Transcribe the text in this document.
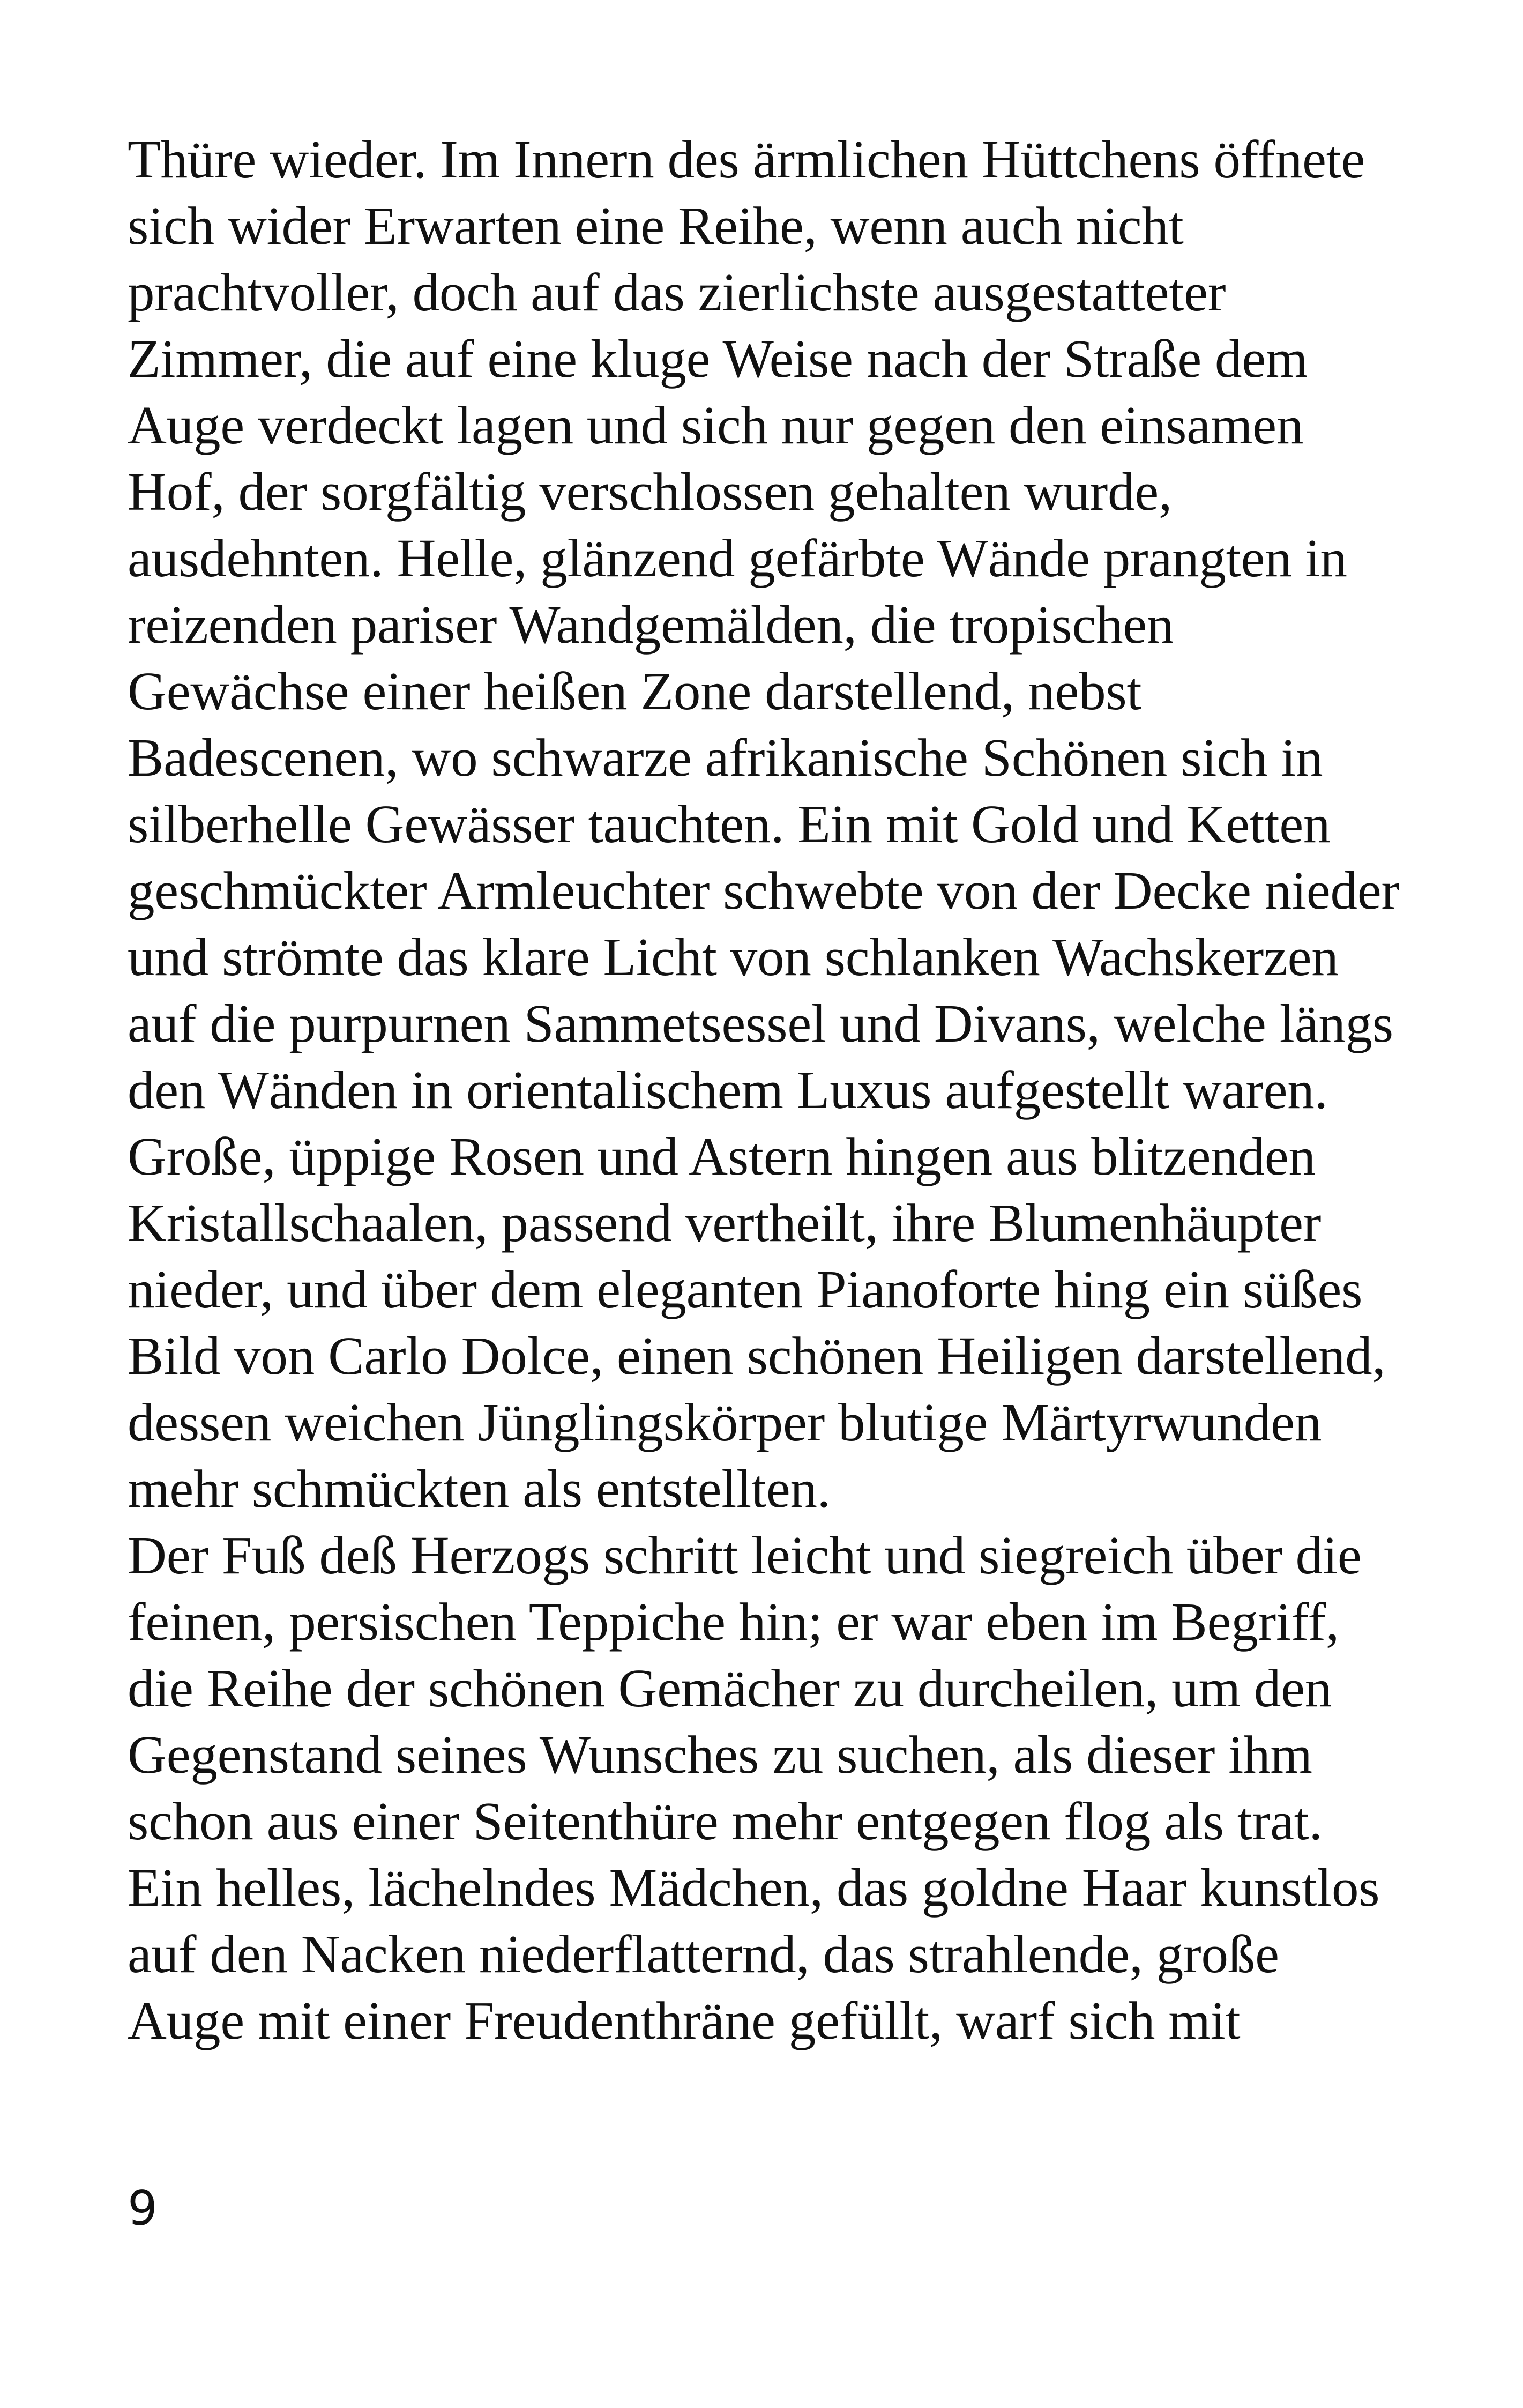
Thüre wieder. Im Innern des ärmlichen Hüttchens öffnete
sich wider Erwarten eine Reihe, wenn auch nicht
prachtvoller, doch auf das zierlichste ausgestatteter
Zimmer, die auf eine kluge Weise nach der Straße dem
Auge verdeckt lagen und sich nur gegen den einsamen
Hof, der sorgfältig verschlossen gehalten wurde,
ausdehnten. Helle, glänzend gefärbte Wände prangten in
reizenden pariser Wandgemälden, die tropischen
Gewächse einer heißen Zone darstellend, nebst
Badescenen, wo schwarze afrikanische Schönen sich in
silberhelle Gewässer tauchten. Ein mit Gold und Ketten
geschmückter Armleuchter schwebte von der Decke nieder
und strömte das klare Licht von schlanken Wachskerzen
auf die purpurnen Sammetsessel und Divans, welche längs
den Wänden in orientalischem Luxus aufgestellt waren.
Große, üppige Rosen und Astern hingen aus blitzenden
Kristallschaalen, passend vertheilt, ihre Blumenhäupter
nieder, und über dem eleganten Pianoforte hing ein süßes
Bild von Carlo Dolce, einen schönen Heiligen darstellend,
dessen weichen Jünglingskörper blutige Märtyrwunden
mehr schmückten als entstellten.
Der Fuß deß Herzogs schritt leicht und siegreich über die
feinen, persischen Teppiche hin; er war eben im Begriff,
die Reihe der schönen Gemächer zu durcheilen, um den
Gegenstand seines Wunsches zu suchen, als dieser ihm
schon aus einer Seitenthüre mehr entgegen flog als trat.
Ein helles, lächelndes Mädchen, das goldne Haar kunstlos
auf den Nacken niederflatternd, das strahlende, große
Auge mit einer Freudenthräne gefüllt, warf sich mit
9
